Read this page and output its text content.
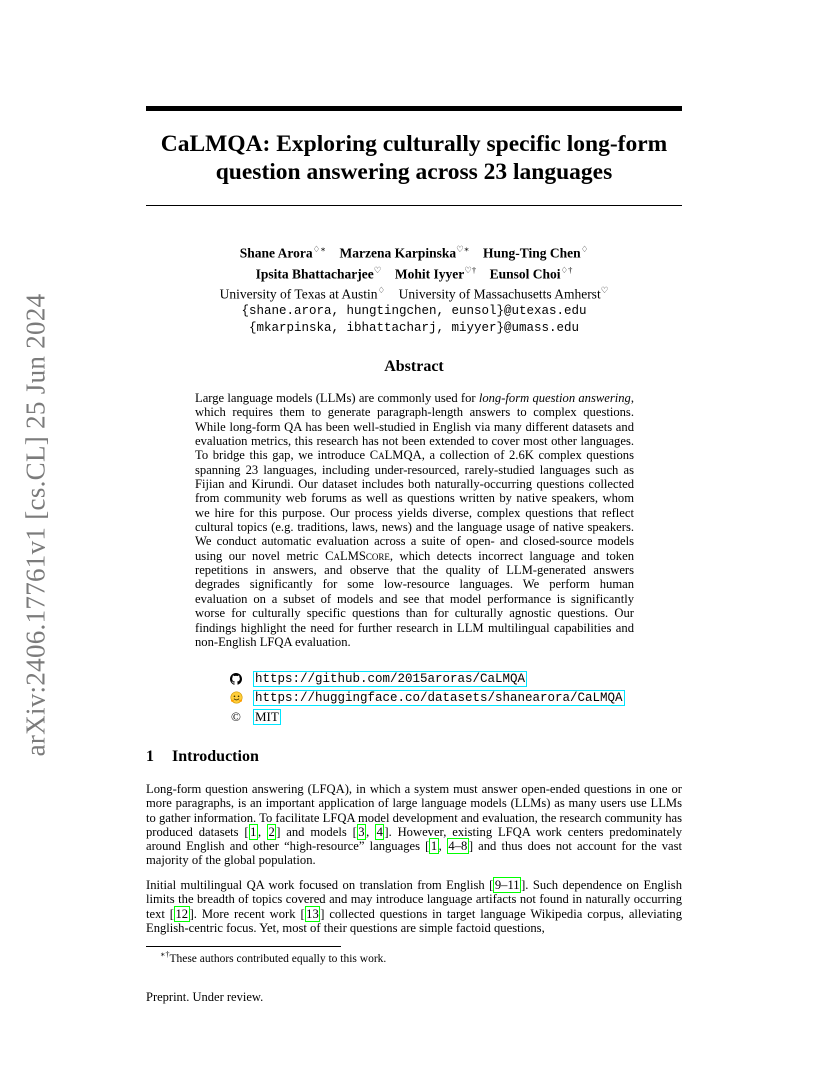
arXiv:2406.17761v1 [cs.CL] 25 Jun 2024
CaLMQA: Exploring culturally specific long-form
question answering across 23 languages
Shane Arora♢∗ Marzena Karpinska♡∗ Hung-Ting Chen♢
Ipsita Bhattacharjee♡ Mohit Iyyer♡† Eunsol Choi♢†
University of Texas at Austin♢ University of Massachusetts Amherst♡
{shane.arora, hungtingchen, eunsol}@utexas.edu
{mkarpinska, ibhattacharj, miyyer}@umass.edu
Abstract
Large language models (LLMs) are commonly used for long-form question answering, which requires them to generate paragraph-length answers to complex questions. While long-form QA has been well-studied in English via many different datasets and evaluation metrics, this research has not been extended to cover most other languages. To bridge this gap, we introduce CaLMQA, a collection of 2.6K complex questions spanning 23 languages, including under-resourced, rarely-studied languages such as Fijian and Kirundi. Our dataset includes both naturally-occurring questions collected from community web forums as well as questions written by native speakers, whom we hire for this purpose. Our process yields diverse, complex questions that reflect cultural topics (e.g. traditions, laws, news) and the language usage of native speakers. We conduct automatic evaluation across a suite of open- and closed-source models using our novel metric CaLMScore, which detects incorrect language and token repetitions in answers, and observe that the quality of LLM-generated answers degrades significantly for some low-resource languages. We perform human evaluation on a subset of models and see that model performance is significantly worse for culturally specific questions than for culturally agnostic questions. Our findings highlight the need for further research in LLM multilingual capabilities and non-English LFQA evaluation.
https://github.com/2015aroras/CaLMQA
https://huggingface.co/datasets/shanearora/CaLMQA
©	MIT
1 Introduction
Long-form question answering (LFQA), in which a system must answer open-ended questions in one or more paragraphs, is an important application of large language models (LLMs) as many users use LLMs to gather information. To facilitate LFQA model development and evaluation, the research community has produced datasets [ 1 , 2 ] and models [ 3 , 4 ]. However, existing LFQA work centers predominately around English and other “high-resource” languages [ 1 , 4–8 ] and thus does not account for the vast majority of the global population.
Initial multilingual QA work focused on translation from English [ 9–11 ]. Such dependence on English limits the breadth of topics covered and may introduce language artifacts not found in naturally occurring text [ 12 ]. More recent work [ 13 ] collected questions in target language Wikipedia corpus, alleviating English-centric focus. Yet, most of their questions are simple factoid questions,
∗†These authors contributed equally to this work.
Preprint. Under review.
